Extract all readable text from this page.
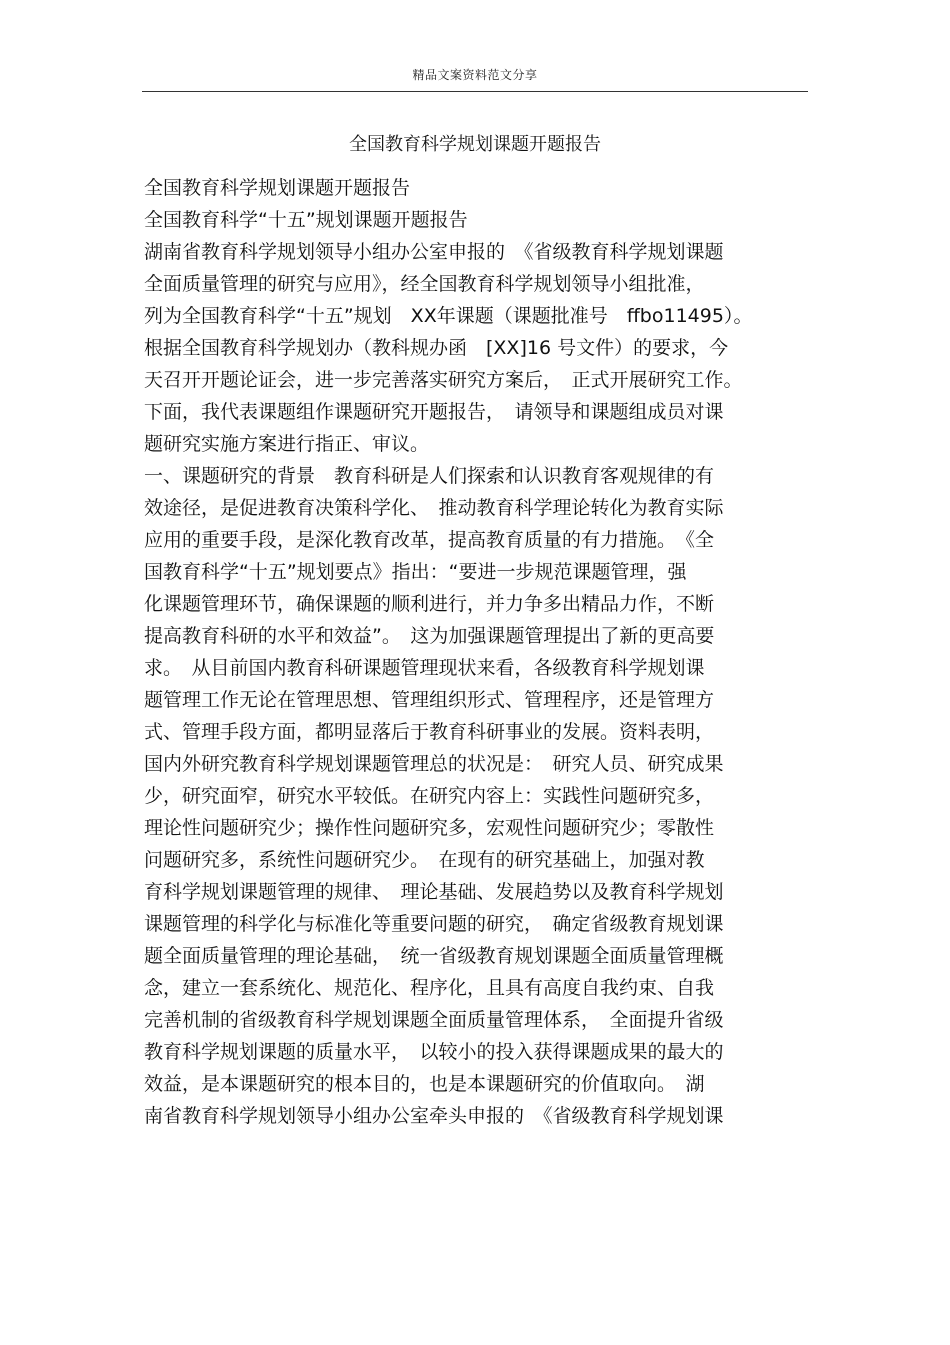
精品文案资料范文分享
全国教育科学规划课题开题报告
全国教育科学规划课题开题报告
全国教育科学“十五”规划课题开题报告
湖南省教育科学规划领导小组办公室申报的　《省级教育科学规划课题
全面质量管理的研究与应用》，经全国教育科学规划领导小组批准，
列为全国教育科学“十五”规划　XX年课题（课题批准号　ffbo11495）。
根据全国教育科学规划办（教科规办函　[XX]16 号文件）的要求，今
天召开开题论证会，进一步完善落实研究方案后，　正式开展研究工作。
下面，我代表课题组作课题研究开题报告，　请领导和课题组成员对课
题研究实施方案进行指正、审议。
一、课题研究的背景　教育科研是人们探索和认识教育客观规律的有
效途径，是促进教育决策科学化、　推动教育科学理论转化为教育实际
应用的重要手段，是深化教育改革，提高教育质量的有力措施。　《全
国教育科学“十五”规划要点》指出：“要进一步规范课题管理，强
化课题管理环节，确保课题的顺利进行，并力争多出精品力作，不断
提高教育科研的水平和效益”。　这为加强课题管理提出了新的更高要
求。　从目前国内教育科研课题管理现状来看，各级教育科学规划课
题管理工作无论在管理思想、管理组织形式、管理程序，还是管理方
式、管理手段方面，都明显落后于教育科研事业的发展。资料表明，
国内外研究教育科学规划课题管理总的状况是：　研究人员、研究成果
少，研究面窄，研究水平较低。在研究内容上：实践性问题研究多，
理论性问题研究少；操作性问题研究多，宏观性问题研究少；零散性
问题研究多，系统性问题研究少。　在现有的研究基础上，加强对教
育科学规划课题管理的规律、　理论基础、发展趋势以及教育科学规划
课题管理的科学化与标准化等重要问题的研究，　确定省级教育规划课
题全面质量管理的理论基础，　统一省级教育规划课题全面质量管理概
念，建立一套系统化、规范化、程序化，且具有高度自我约束、自我
完善机制的省级教育科学规划课题全面质量管理体系，　全面提升省级
教育科学规划课题的质量水平，　以较小的投入获得课题成果的最大的
效益，是本课题研究的根本目的，也是本课题研究的价值取向。　湖
南省教育科学规划领导小组办公室牵头申报的　《省级教育科学规划课
